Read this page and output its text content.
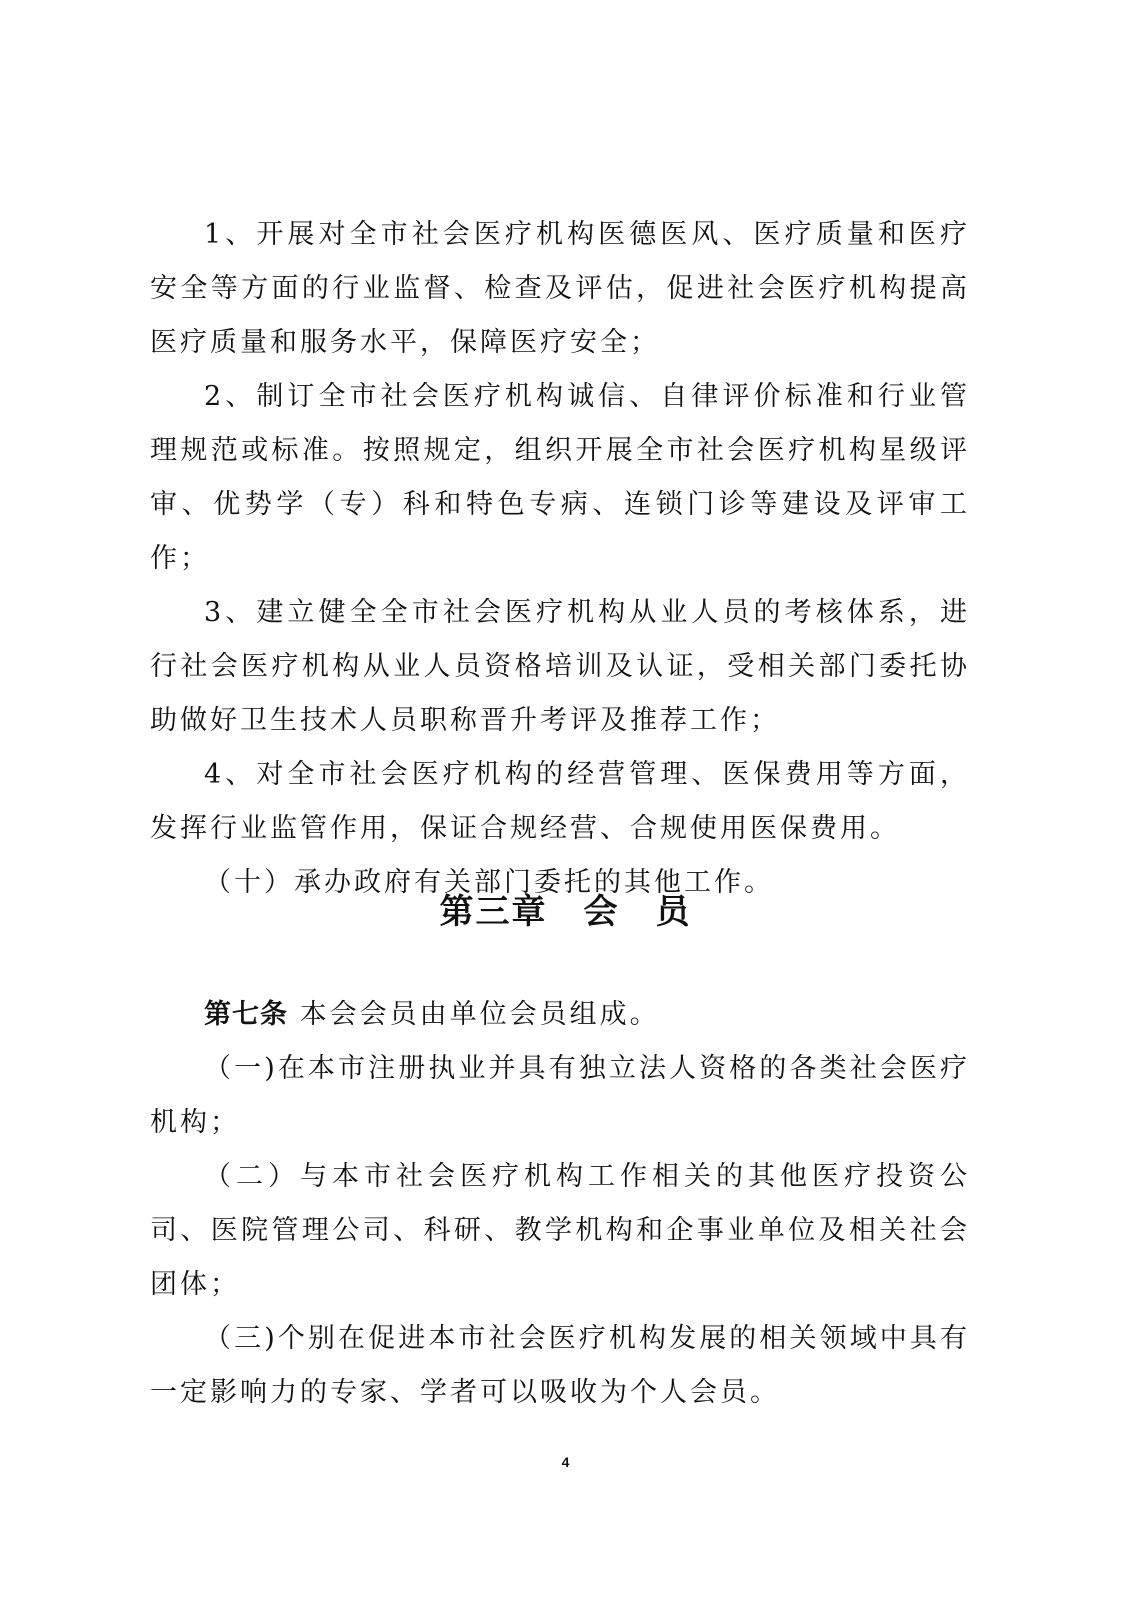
1、开展对全市社会医疗机构医德医风、医疗质量和医疗安全等方面的行业监督、检查及评估，促进社会医疗机构提高医疗质量和服务水平，保障医疗安全；

2、制订全市社会医疗机构诚信、自律评价标准和行业管理规范或标准。按照规定，组织开展全市社会医疗机构星级评审、优势学（专）科和特色专病、连锁门诊等建设及评审工作；

3、建立健全全市社会医疗机构从业人员的考核体系，进行社会医疗机构从业人员资格培训及认证，受相关部门委托协助做好卫生技术人员职称晋升考评及推荐工作；

4、对全市社会医疗机构的经营管理、医保费用等方面，发挥行业监管作用，保证合规经营、合规使用医保费用。

（十）承办政府有关部门委托的其他工作。

第三章　会　员

第七条 本会会员由单位会员组成。

（一)在本市注册执业并具有独立法人资格的各类社会医疗机构；

（二）与本市社会医疗机构工作相关的其他医疗投资公司、医院管理公司、科研、教学机构和企事业单位及相关社会团体；

（三)个别在促进本市社会医疗机构发展的相关领域中具有一定影响力的专家、学者可以吸收为个人会员。

4
